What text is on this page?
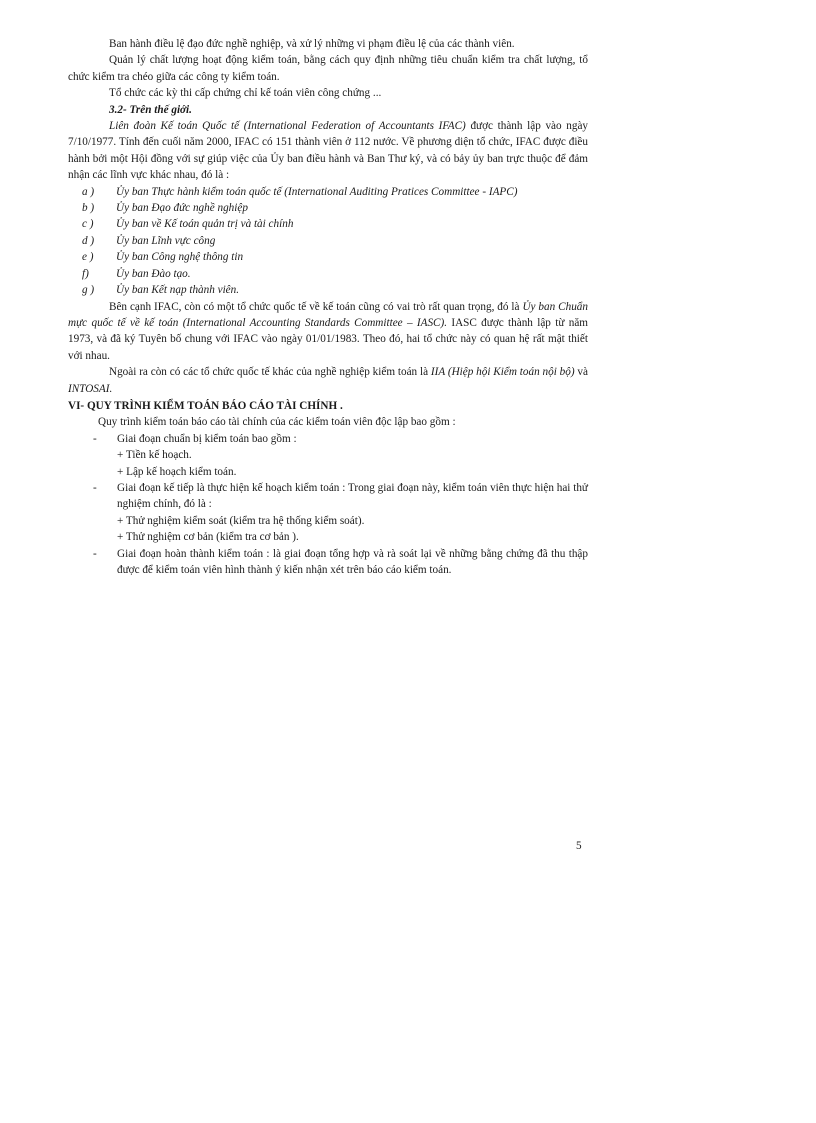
Ban hành điều lệ đạo đức nghề nghiệp, và xử lý những vi phạm điều lệ của các thành viên.

Quản lý chất lượng hoạt động kiểm toán, bằng cách quy định những tiêu chuẩn kiểm tra chất lượng, tổ chức kiểm tra chéo giữa các công ty kiểm toán.

Tổ chức các kỳ thi cấp chứng chỉ kế toán viên công chứng ...

3.2- Trên thế giới.

Liên đoàn Kế toán Quốc tế (International Federation of Accountants IFAC) được thành lập vào ngày 7/10/1977. Tính đến cuối năm 2000, IFAC có 151 thành viên ở 112 nước. Về phương diện tổ chức, IFAC được điều hành bởi một Hội đồng với sự giúp việc của Ủy ban điều hành và Ban Thư ký, và có bảy ủy ban trực thuộc để đảm nhận các lĩnh vực khác nhau, đó là :

a )	Ủy ban Thực hành kiểm toán quốc tế (International Auditing Pratices Committee - IAPC)
b )	Ủy ban Đạo đức nghề nghiệp
c )	Ủy ban về Kế toán quản trị và tài chính
d )	Ủy ban Lĩnh vực công
e )	Ủy ban Công nghệ thông tin
f)	Ủy ban Đào tạo.
g )	Ủy ban Kết nạp thành viên.

Bên cạnh IFAC, còn có một tổ chức quốc tế về kế toán cũng có vai trò rất quan trọng, đó là Ủy ban Chuẩn mực quốc tế về kế toán (International Accounting Standards Committee – IASC). IASC được thành lập từ năm 1973, và đã ký Tuyên bố chung với IFAC vào ngày 01/01/1983. Theo đó, hai tổ chức này có quan hệ rất mật thiết với nhau.

Ngoài ra còn có các tổ chức quốc tế khác của nghề nghiệp kiểm toán là IIA (Hiệp hội Kiểm toán nội bộ) và INTOSAI.

VI- QUY TRÌNH KIỂM TOÁN BÁO CÁO TÀI CHÍNH .

Quy trình kiểm toán báo cáo tài chính của các kiểm toán viên độc lập bao gồm :

-	Giai đoạn chuẩn bị kiểm toán bao gồm :

+ Tiền kế hoạch.

+ Lập kế hoạch kiểm toán.

-	Giai đoạn kế tiếp là thực hiện kế hoạch kiểm toán : Trong giai đoạn này, kiểm toán viên thực hiện hai thử nghiệm chính, đó là :

+ Thử nghiệm kiểm soát (kiểm tra hệ thống kiểm soát).

+ Thử nghiệm cơ bản (kiểm tra cơ bản ).

-	Giai đoạn hoàn thành kiểm toán : là giai đoạn tổng hợp và rà soát lại về những bằng chứng đã thu thập được để kiểm toán viên hình thành ý kiến nhận xét trên báo cáo kiểm toán.
5
